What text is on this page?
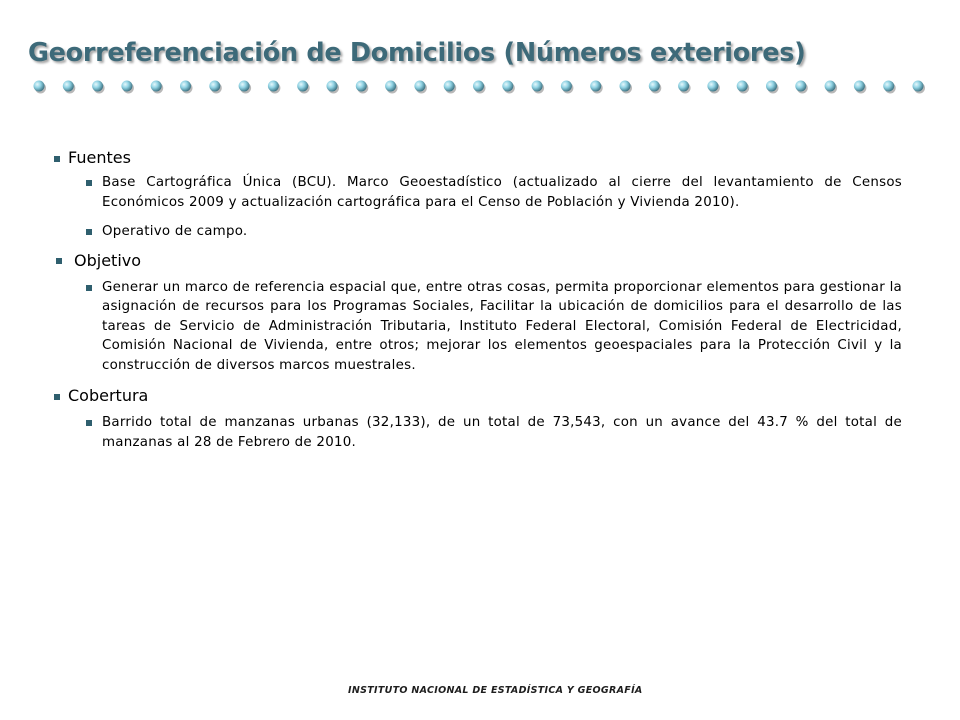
Georreferenciación de Domicilios (Números exteriores)
Fuentes
Base Cartográfica Única (BCU). Marco Geoestadístico (actualizado al cierre del levantamiento de Censos Económicos 2009 y actualización cartográfica para el Censo de Población y Vivienda 2010).
Operativo de campo.
Objetivo
Generar un marco de referencia espacial que, entre otras cosas, permita proporcionar elementos para gestionar la asignación de recursos para los Programas Sociales, Facilitar la ubicación de domicilios para el desarrollo de las tareas de Servicio de Administración Tributaria, Instituto Federal Electoral, Comisión Federal de Electricidad, Comisión Nacional de Vivienda, entre otros; mejorar los elementos geoespaciales para la Protección Civil y la construcción de diversos marcos muestrales.
Cobertura
Barrido total de manzanas urbanas (32,133), de un total de 73,543, con un avance del 43.7 % del total de manzanas al 28 de Febrero de 2010.
INSTITUTO NACIONAL DE ESTADÍSTICA Y GEOGRAFÍA
